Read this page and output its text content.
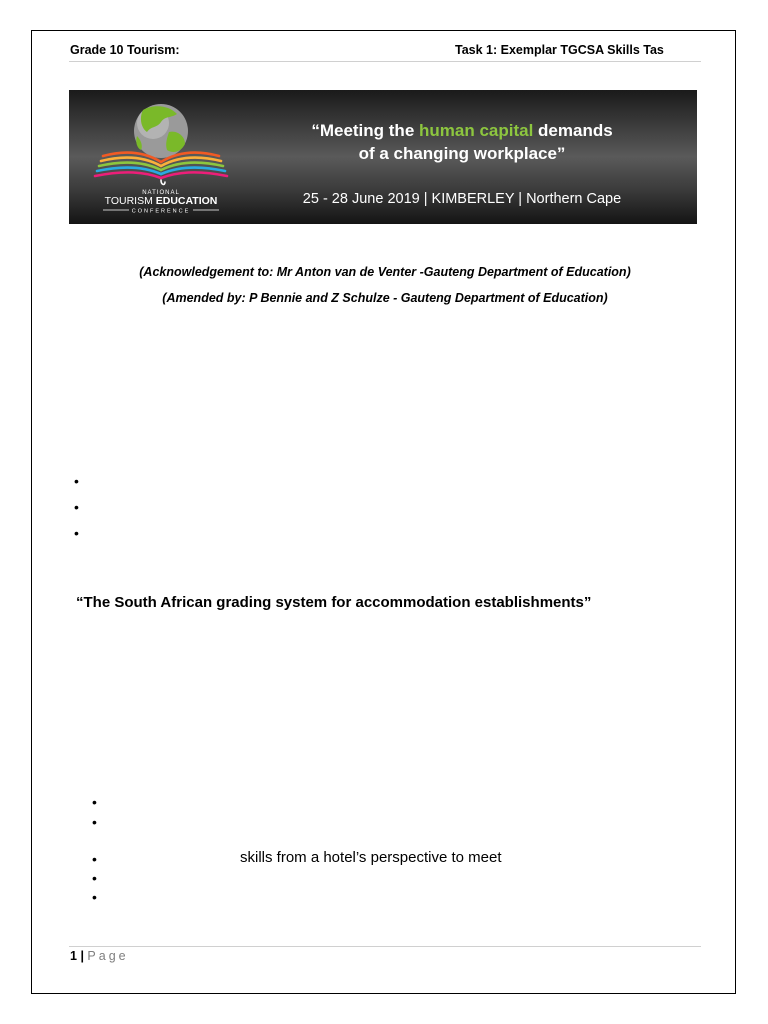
Grade 10 Tourism:	Task 1: Exemplar TGCSA Skills Tas
NATIONAL
TOURISM EDUCATION
CONFERENCE
“Meeting the human capital demands
of a changing workplace”
25 - 28 June 2019 | KIMBERLEY | Northern Cape
(Acknowledgement to: Mr Anton van de Venter -Gauteng Department of Education)
(Amended by: P Bennie and Z Schulze - Gauteng Department of Education)
•
•
•
“The South African grading system for accommodation establishments”
•
•
•	skills from a hotel’s perspective to meet
•
•
1 | Page
